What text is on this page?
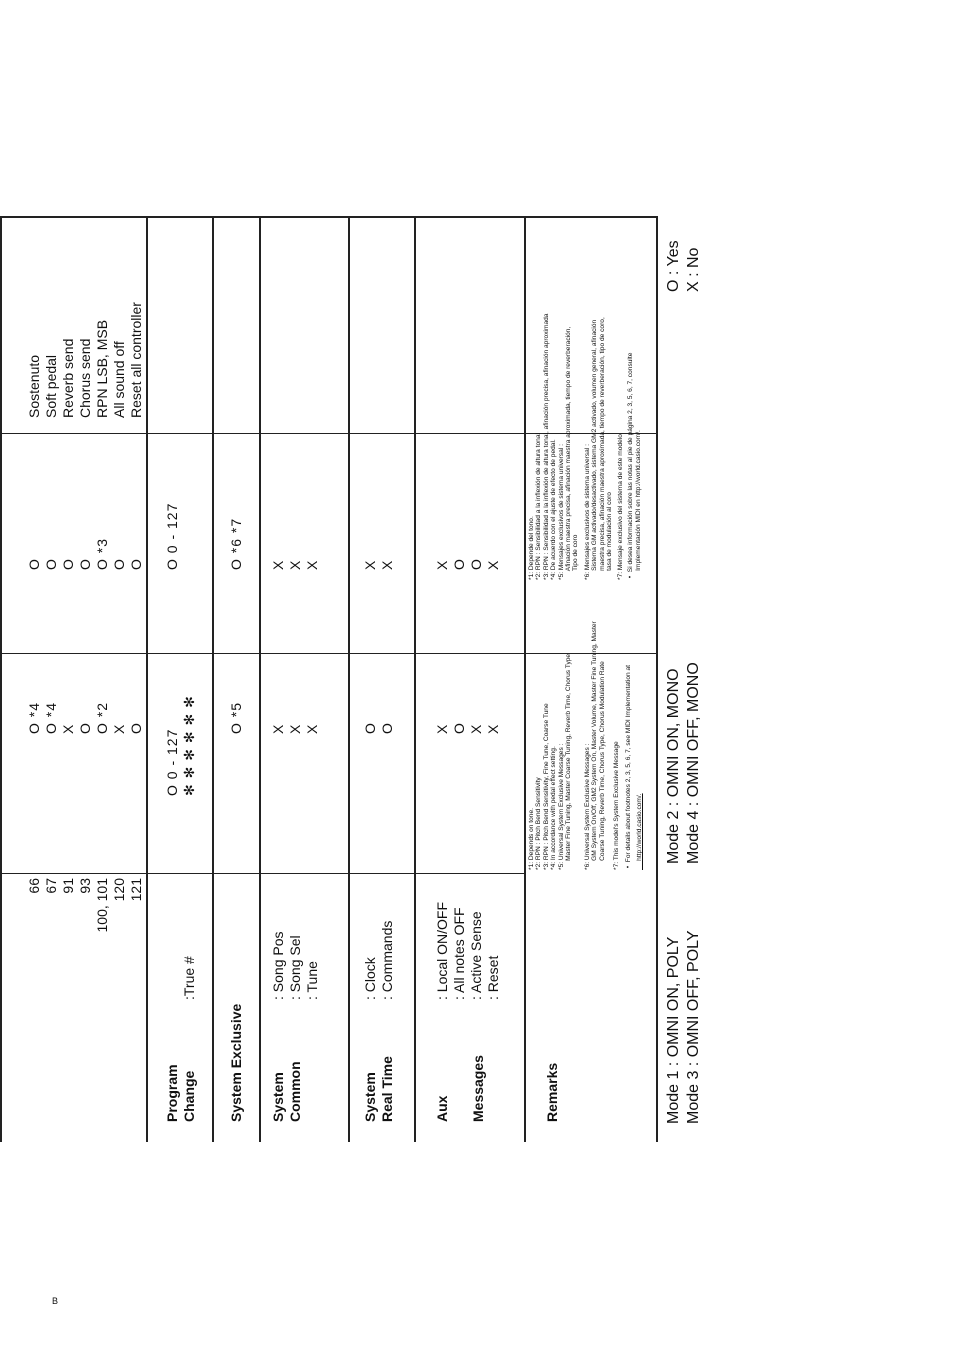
66 67 91 93 100, 101 120 121
O *4 O *4 X O O *2 X O
O O O O O *3 O O
Sostenuto Soft pedal Reverb send Chorus send RPN LSB, MSB All sound off Reset all controller
Program Change
:True #
O 0 - 127 ✻ ✻ ✻ ✻ ✻ ✻
O 0 - 127
System Exclusive
O *5
O *6 *7
System Common
: Song Pos : Song Sel : Tune
X X X
X X X
System Real Time
: Clock : Commands
O O
X X
Aux Messages
: Local ON/OFF : All notes OFF : Active Sense : Reset
X O X X
X O O X
Remarks
*1: Depends on tone. *2: RPN : Pitch Bend Sensitivity *3: RPN : Pitch Bend Sensitivity, Fine Tune, Coarse Tune *4: In accordance with pedal effect setting. *5: Universal System Exclusive Messages : Master Fine Tuning, Master Coarse Tuning, Reverb Time, Chorus Type *6: Universal System Exclusive Messages : GM System On/Off, GM2 System On, Master Volume, Master Fine Tuning, Master Coarse Tuning, Reverb Time, Chorus Type, Chorus Modulation Rate *7: This model's System Exclusive Message •  For details about footnotes 2, 3, 5, 6, 7, see MIDI Implementation at http://world.casio.com/.
*1: Depende del tono. *2: RPN : Sensibilidad a la inflexión de altura tonal *3: RPN : Sensibilidad a la inflexión de altura tonal, afinación precisa, afinación aproximada *4: De acuerdo con el ajuste de efecto de pedal. *5: Mensajes exclusivos de sistema universal : Afinación maestra precisa, afinación maestra aproximada, tiempo de reverberación, Tipo de coro *6: Mensajes exclusivos de sistema universal : Sistema GM activado/desactivado, sistema GM2 activado, volumen general, afinación maestra precisa, afinación maestra aproximada, tiempo de reverberación, tipo de coro, tasa de modulación al coro *7: Mensaje exclusivo del sistema de este modelo •  Si desea información sobre las notas al pie de página 2, 3, 5, 6, 7, consulte Implementación MIDI en http://world.casio.com/.
Mode 1 : OMNI ON, POLY Mode 3 : OMNI OFF, POLY
Mode 2 : OMNI ON, MONO Mode 4 : OMNI OFF, MONO
O : Yes X : No
B
